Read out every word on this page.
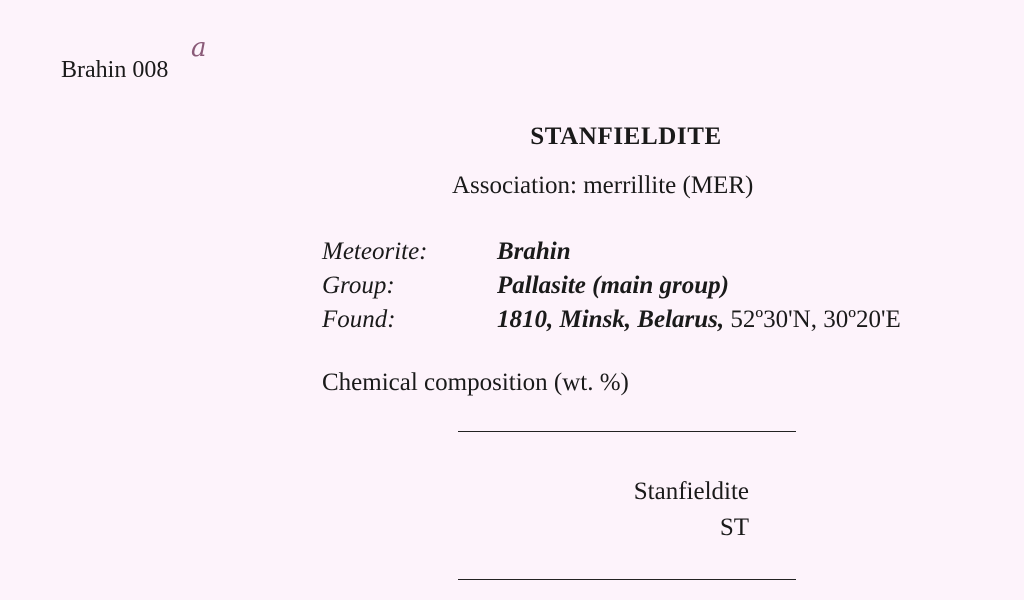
Brahin 008
a
STANFIELDITE
Association: merrillite (MER)
Meteorite:	Brahin
Group:	Pallasite (main group)
Found:	1810, Minsk, Belarus, 52º30'N, 30º20'E
Chemical composition (wt. %)
Stanfieldite
ST
